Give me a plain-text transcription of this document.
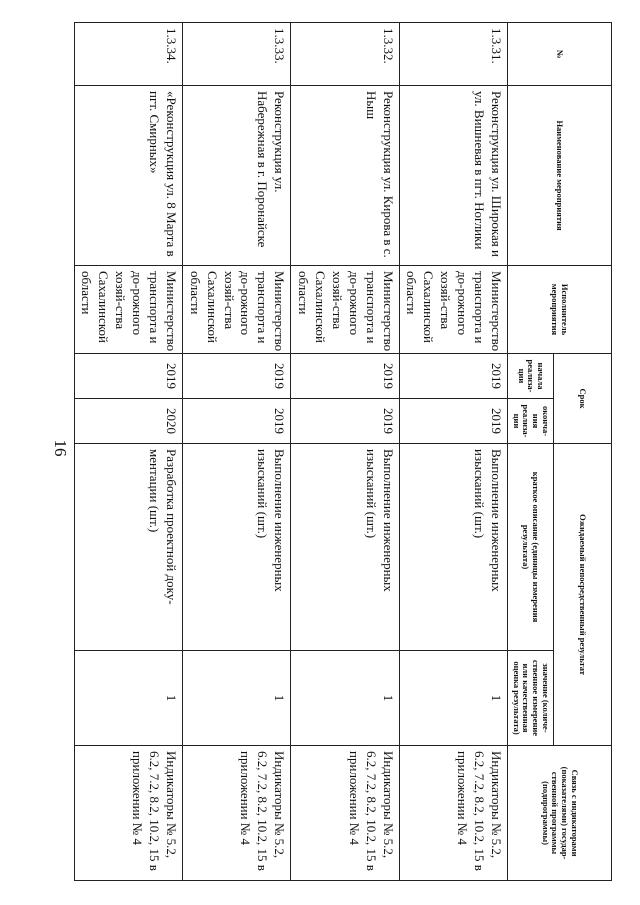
16
№	Наименование мероприятия	Исполнитель мероприятия	Срок		Ожидаемый непосредственный результат		Связь с индикаторами (показателями) государ-ственной программы (подпрограммы)
			начала реализа-ции	оконча-ния реализа-ции	краткое описание (единицы измерения результата)	значение (количе-ственное измерение или качественная оценка результата)	
1.3.31.	Реконструкция ул. Широкая и ул. Вишневая в пгт. Ноглики	Министерство транспорта и до-рожного хозяй-ства Сахалинской области	2019	2019	Выполнение инженерных изысканий (шт.)	1	Индикаторы № 5.2, 6.2, 7.2, 8.2, 10.2, 15 в приложении № 4
1.3.32.	Реконструкция ул. Кирова в с. Ныш	Министерство транспорта и до-рожного хозяй-ства Сахалинской области	2019	2019	Выполнение инженерных изысканий (шт.)	1	Индикаторы № 5.2, 6.2, 7.2, 8.2, 10.2, 15 в приложении № 4
1.3.33.	Реконструкция ул. Набережная в г. Поронайске	Министерство транспорта и до-рожного хозяй-ства Сахалинской области	2019	2019	Выполнение инженерных изысканий (шт.)	1	Индикаторы № 5.2, 6.2, 7.2, 8.2, 10.2, 15 в приложении № 4
1.3.34.	«Реконструкция ул. 8 Марта в пгт. Смирных»	Министерство транспорта и до-рожного хозяй-ства Сахалинской области	2019	2020	Разработка проектной доку-ментации (шт.)	1	Индикаторы № 5.2, 6.2, 7.2, 8.2, 10.2, 15 в приложении № 4
